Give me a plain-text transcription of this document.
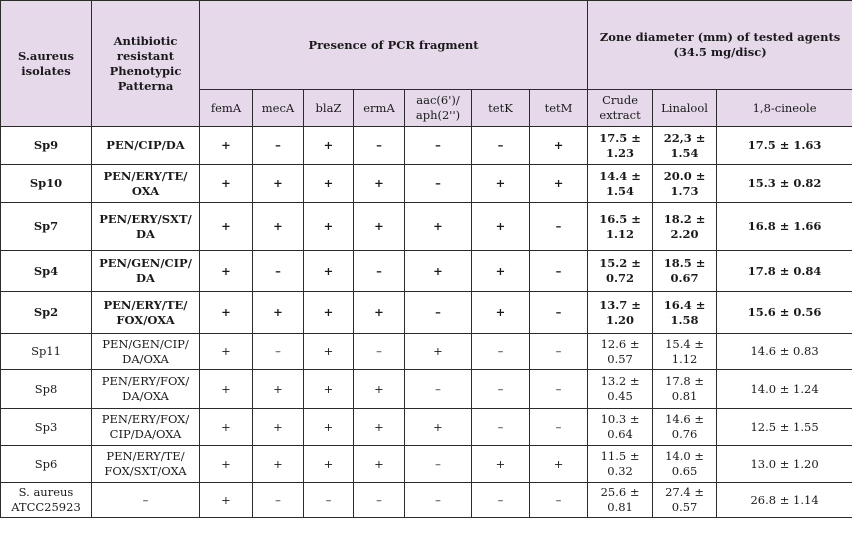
S.aureus isolates	Antibiotic resistant Phenotypic Patterna	Presence of PCR fragment							Zone diameter (mm) of tested agents (34.5 mg/disc)		
		femA	mecA	blaZ	ermA	aac(6')/ aph(2'')	tetK	tetM	Crude extract	Linalool	1,8-cineole
Sp9	PEN/CIP/DA	+	–	+	–	–	–	+	17.5 ± 1.23	22,3 ± 1.54	17.5 ± 1.63
Sp10	PEN/ERY/TE/ OXA	+	+	+	+	–	+	+	14.4 ± 1.54	20.0 ± 1.73	15.3 ± 0.82
Sp7	PEN/ERY/SXT/ DA	+	+	+	+	+	+	–	16.5 ± 1.12	18.2 ± 2.20	16.8 ± 1.66
Sp4	PEN/GEN/CIP/ DA	+	–	+	–	+	+	–	15.2 ± 0.72	18.5 ± 0.67	17.8 ± 0.84
Sp2	PEN/ERY/TE/ FOX/OXA	+	+	+	+	–	+	–	13.7 ± 1.20	16.4 ± 1.58	15.6 ± 0.56
Sp11	PEN/GEN/CIP/ DA/OXA	+	–	+	–	+	–	–	12.6 ± 0.57	15.4 ± 1.12	14.6 ± 0.83
Sp8	PEN/ERY/FOX/ DA/OXA	+	+	+	+	–	–	–	13.2 ± 0.45	17.8 ± 0.81	14.0 ± 1.24
Sp3	PEN/ERY/FOX/ CIP/DA/OXA	+	+	+	+	+	–	–	10.3 ± 0.64	14.6 ± 0.76	12.5 ± 1.55
Sp6	PEN/ERY/TE/ FOX/SXT/OXA	+	+	+	+	–	+	+	11.5 ± 0.32	14.0 ± 0.65	13.0 ± 1.20
S. aureus ATCC25923	–	+	–	–	–	–	–	–	25.6 ± 0.81	27.4 ± 0.57	26.8 ± 1.14
